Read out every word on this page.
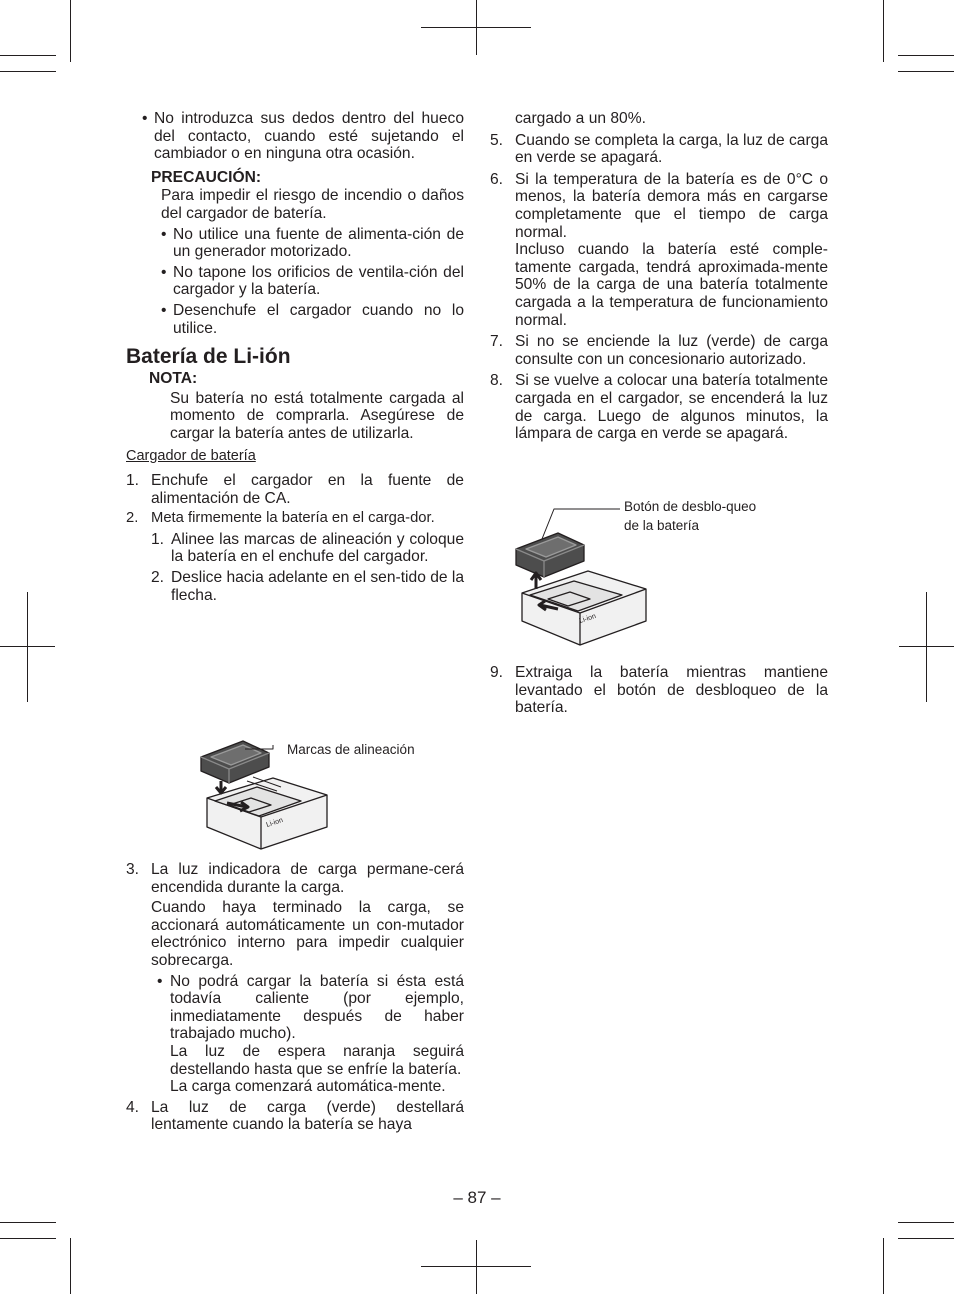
• No introduzca sus dedos dentro del hueco del contacto, cuando esté sujetando el cambiador o en ninguna otra ocasión.

PRECAUCIÓN:

Para impedir el riesgo de incendio o daños del cargador de batería.

• No utilice una fuente de alimenta-ción de un generador motorizado.

• No tapone los orificios de ventila-ción del cargador y la batería.

• Desenchufe el cargador cuando no lo utilice.

Batería de Li-ión

NOTA:

Su batería no está totalmente cargada al momento de comprarla. Asegúrese de cargar la batería antes de utilizarla.

Cargador de batería

1. Enchufe el cargador en la fuente de alimentación de CA.

2. Meta firmemente la batería en el carga-dor.

1. Alinee las marcas de alineación y coloque la batería en el enchufe del cargador.

2. Deslice hacia adelante en el sen-tido de la flecha.

Li-ion
Marcas de alineación

3. La luz indicadora de carga permane-cerá encendida durante la carga.

Cuando haya terminado la carga, se accionará automáticamente un con-mutador electrónico interno para impedir cualquier sobrecarga.

• No podrá cargar la batería si ésta está todavía caliente (por ejemplo, inmediatamente después de haber trabajado mucho).

La luz de espera naranja seguirá destellando hasta que se enfríe la batería.

La carga comenzará automática-mente.

4. La luz de carga (verde) destellará lentamente cuando la batería se haya

cargado a un 80%.

5. Cuando se completa la carga, la luz de carga en verde se apagará.

6. Si la temperatura de la batería es de 0°C o menos, la batería demora más en cargarse completamente que el tiempo de carga normal.

Incluso cuando la batería esté comple-tamente cargada, tendrá aproximada-mente 50% de la carga de una batería totalmente cargada a la temperatura de funcionamiento normal.

7. Si no se enciende la luz (verde) de carga consulte con un concesionario autorizado.

8. Si se vuelve a colocar una batería totalmente cargada en el cargador, se encenderá la luz de carga. Luego de algunos minutos, la lámpara de carga en verde se apagará.

Li-ion
Botón de desblo-queo de la batería

9. Extraiga la batería mientras mantiene levantado el botón de desbloqueo de la batería.

– 87 –
